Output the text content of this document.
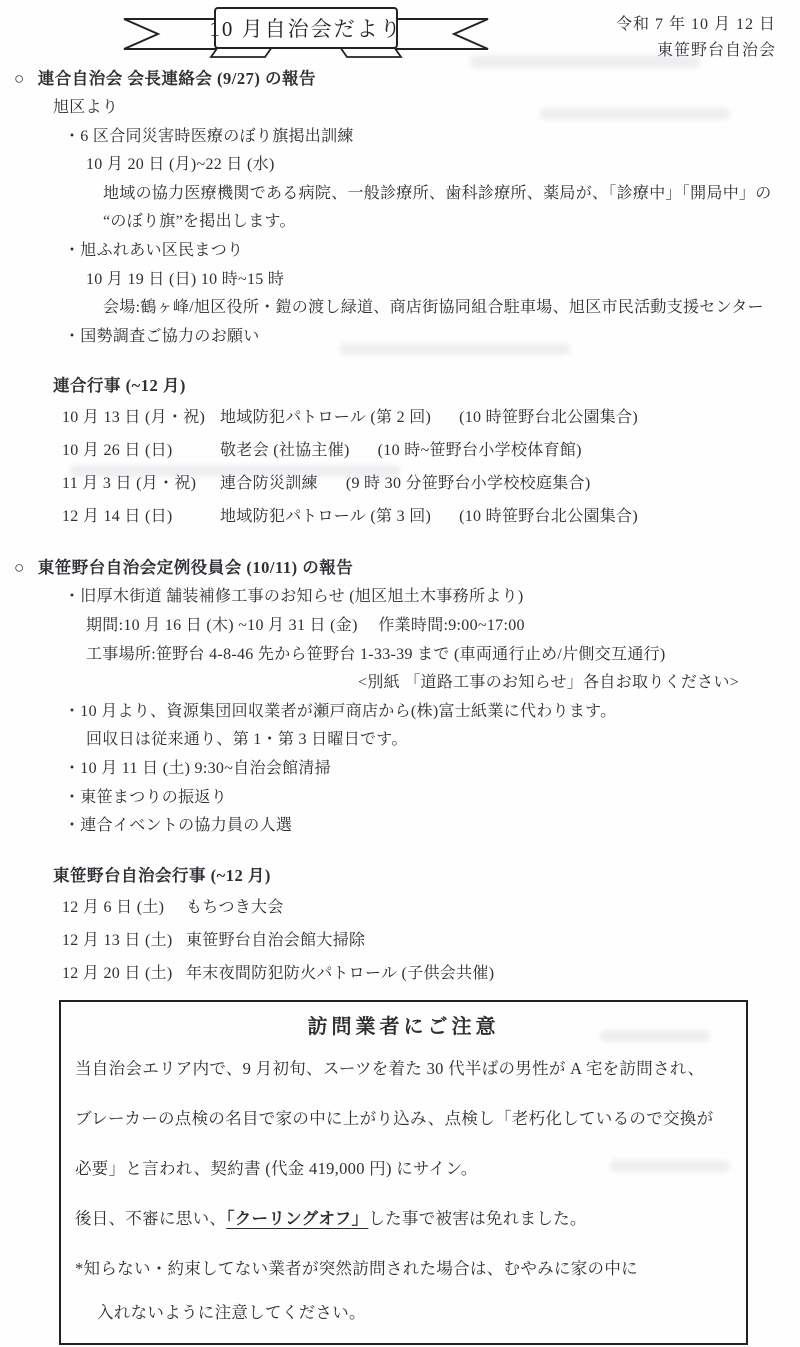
10 月自治会だより	令和 7 年 10 月 12 日
東笹野台自治会
○ 連合自治会 会長連絡会 (9/27) の報告
旭区より
・6 区合同災害時医療のぼり旗掲出訓練
10 月 20 日 (月)~22 日 (水)
地域の協力医療機関である病院、一般診療所、歯科診療所、薬局が、「診療中」「開局中」の
“のぼり旗”を掲出します。
・旭ふれあい区民まつり
10 月 19 日 (日) 10 時~15 時
会場:鶴ヶ峰/旭区役所・鎧の渡し緑道、商店街協同組合駐車場、旭区市民活動支援センター
・国勢調査ご協力のお願い
連合行事 (~12 月)
10 月 13 日 (月・祝) 地域防犯パトロール (第 2 回) (10 時笹野台北公園集合)
10 月 26 日 (日)	敬老会 (社協主催) (10 時~笹野台小学校体育館)
11 月 3 日 (月・祝)	連合防災訓練 (9 時 30 分笹野台小学校校庭集合)
12 月 14 日 (日)	地域防犯パトロール (第 3 回) (10 時笹野台北公園集合)
○ 東笹野台自治会定例役員会 (10/11) の報告
・旧厚木街道 舗装補修工事のお知らせ (旭区旭土木事務所より)
期間:10 月 16 日 (木) ~10 月 31 日 (金)　 作業時間:9:00~17:00
工事場所:笹野台 4-8-46 先から笹野台 1-33-39 まで (車両通行止め/片側交互通行)
<別紙 「道路工事のお知らせ」各自お取りください>
・10 月より、資源集団回収業者が瀬戸商店から(株)富士紙業に代わります。
回収日は従来通り、第 1・第 3 日曜日です。
・10 月 11 日 (土) 9:30~自治会館清掃
・東笹まつりの振返り
・連合イベントの協力員の人選
東笹野台自治会行事 (~12 月)
12 月 6 日 (土)	もちつき大会
12 月 13 日 (土) 東笹野台自治会館大掃除
12 月 20 日 (土) 年末夜間防犯防火パトロール (子供会共催)
訪問業者にご注意
当自治会エリア内で、9 月初旬、スーツを着た 30 代半ばの男性が A 宅を訪問され、
ブレーカーの点検の名目で家の中に上がり込み、点検し「老朽化しているので交換が
必要」と言われ、契約書 (代金 419,000 円) にサイン。
後日、不審に思い、「クーリングオフ」した事で被害は免れました。
*知らない・約束してない業者が突然訪問された場合は、むやみに家の中に
入れないように注意してください。
